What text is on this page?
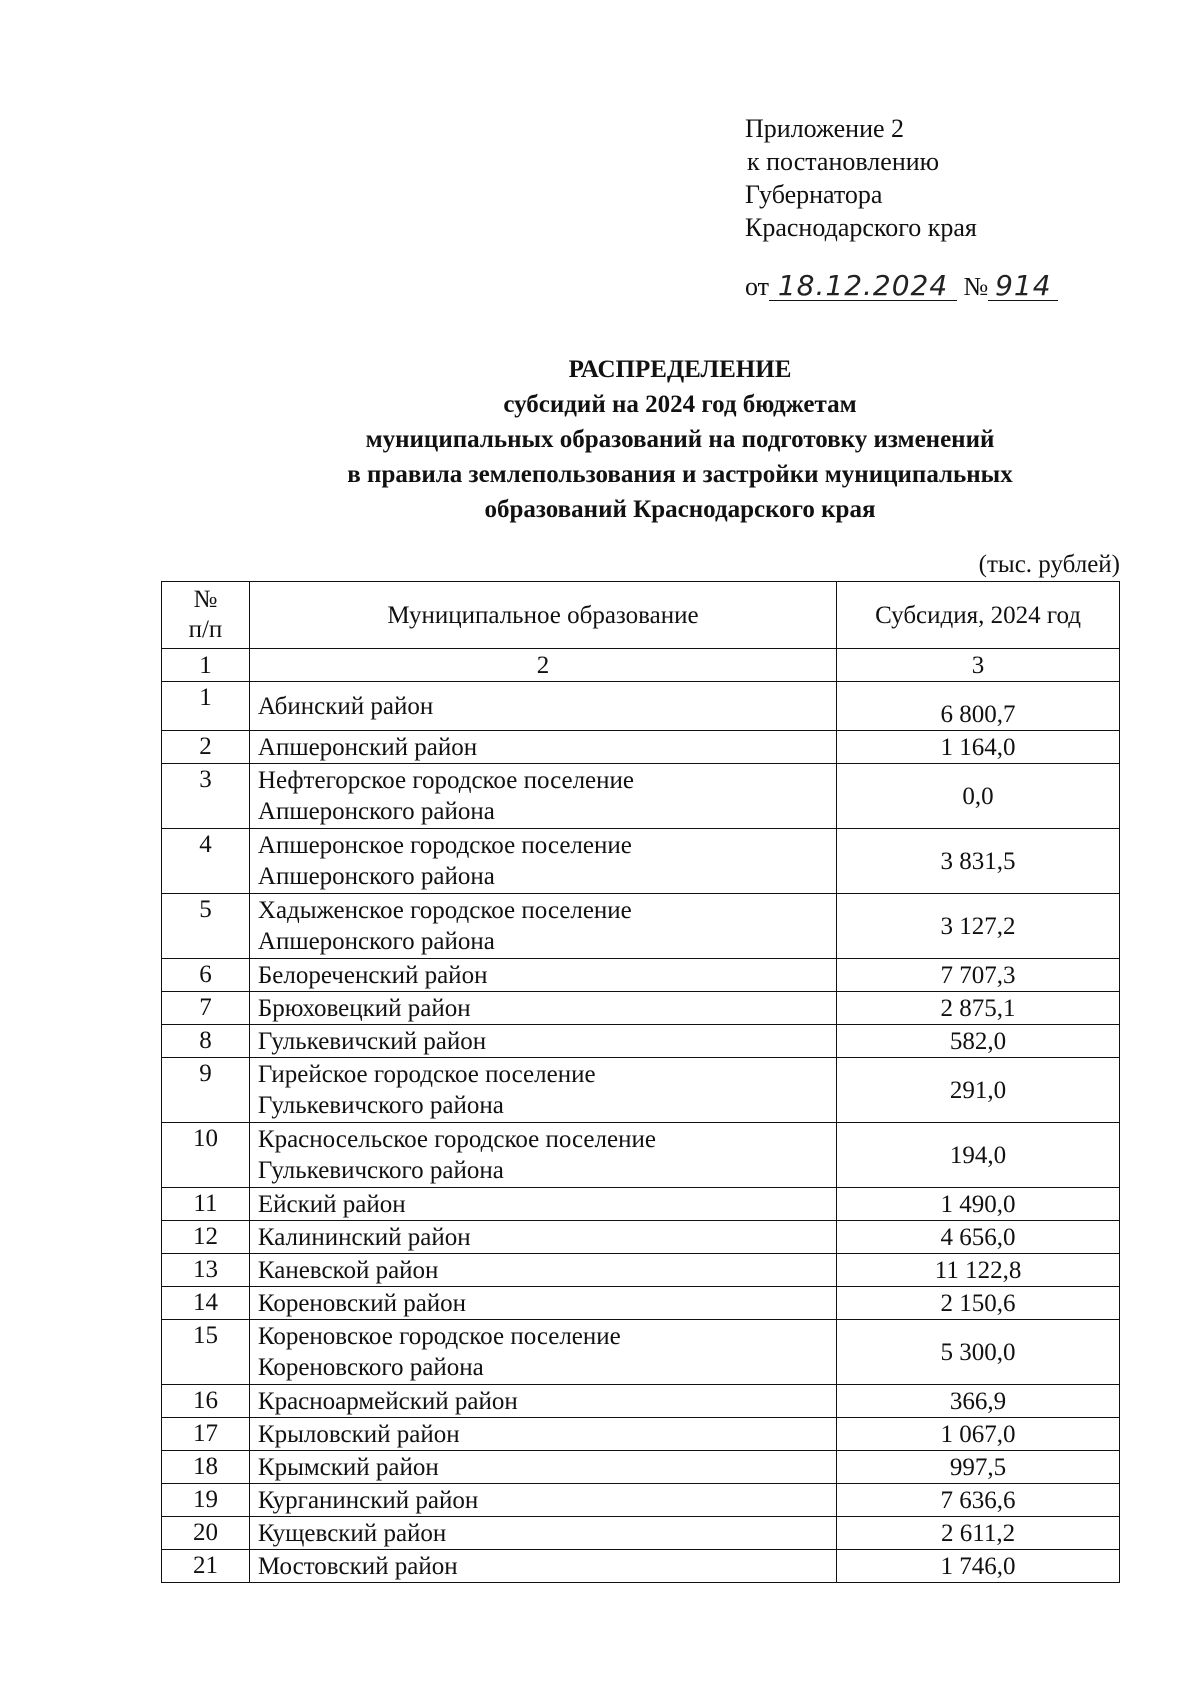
Приложение 2
к постановлению
Губернатора
Краснодарского края
от 18.12.2024 № 914
РАСПРЕДЕЛЕНИЕ
субсидий на 2024 год бюджетам
муниципальных образований на подготовку изменений
в правила землепользования и застройки муниципальных
образований Краснодарского края
(тыс. рублей)
№
п/п	Муниципальное образование	Субсидия, 2024 год
1	2	3
1	Абинский район	6 800,7
2	Апшеронский район	1 164,0
3	Нефтегорское городское поселение
Апшеронского района	0,0
4	Апшеронское городское поселение
Апшеронского района	3 831,5
5	Хадыженское городское поселение
Апшеронского района	3 127,2
6	Белореченский район	7 707,3
7	Брюховецкий район	2 875,1
8	Гулькевичский район	582,0
9	Гирейское городское поселение
Гулькевичского района	291,0
10	Красносельское городское поселение
Гулькевичского района	194,0
11	Ейский район	1 490,0
12	Калининский район	4 656,0
13	Каневской район	11 122,8
14	Кореновский район	2 150,6
15	Кореновское городское поселение
Кореновского района	5 300,0
16	Красноармейский район	366,9
17	Крыловский район	1 067,0
18	Крымский район	997,5
19	Курганинский район	7 636,6
20	Кущевский район	2 611,2
21	Мостовский район	1 746,0
